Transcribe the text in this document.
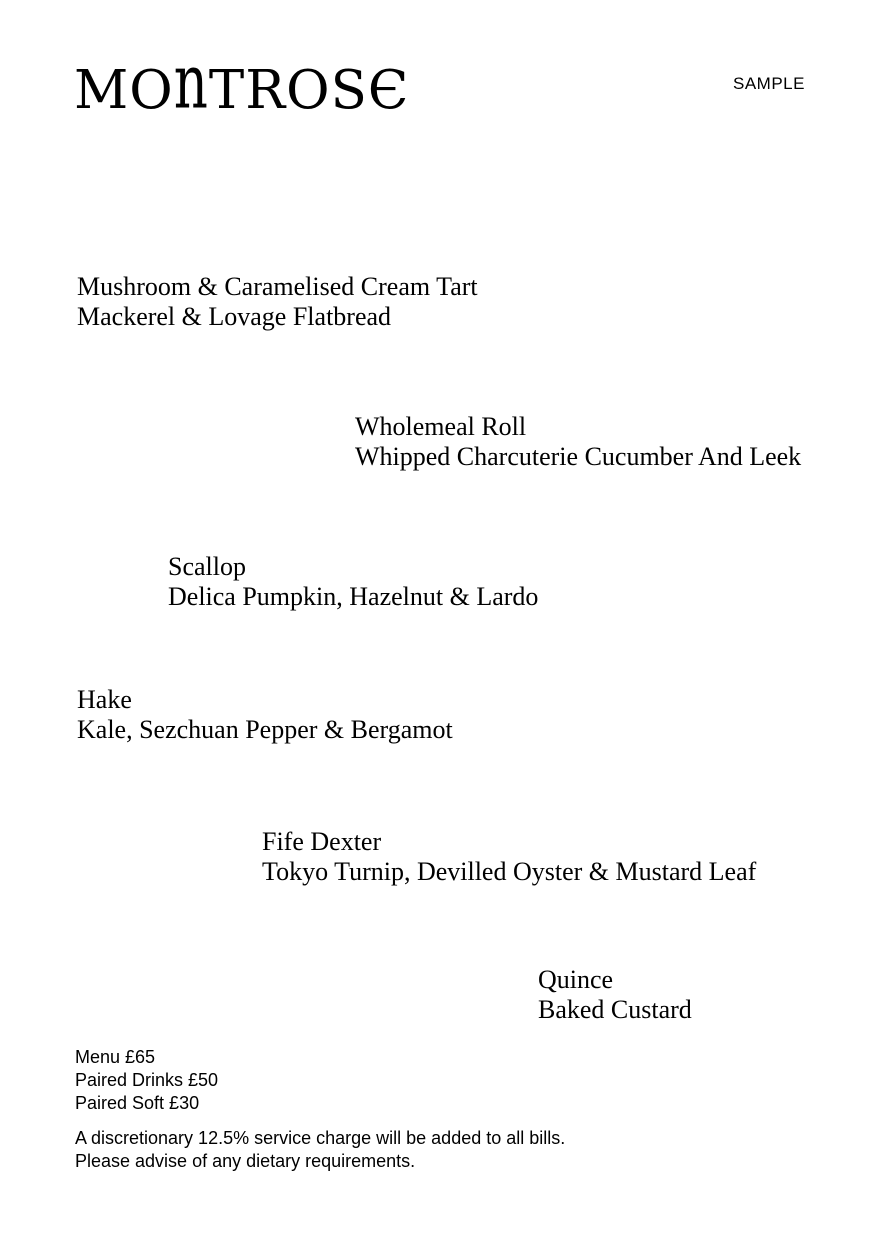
MOnTROSЄ	SAMPLE
Mushroom & Caramelised Cream Tart
Mackerel & Lovage Flatbread
Wholemeal Roll
Whipped Charcuterie Cucumber And Leek
Scallop
Delica Pumpkin, Hazelnut & Lardo
Hake
Kale, Sezchuan Pepper & Bergamot
Fife Dexter
Tokyo Turnip, Devilled Oyster & Mustard Leaf
Quince
Baked Custard
Menu £65
Paired Drinks £50
Paired Soft £30
A discretionary 12.5% service charge will be added to all bills.
Please advise of any dietary requirements.
